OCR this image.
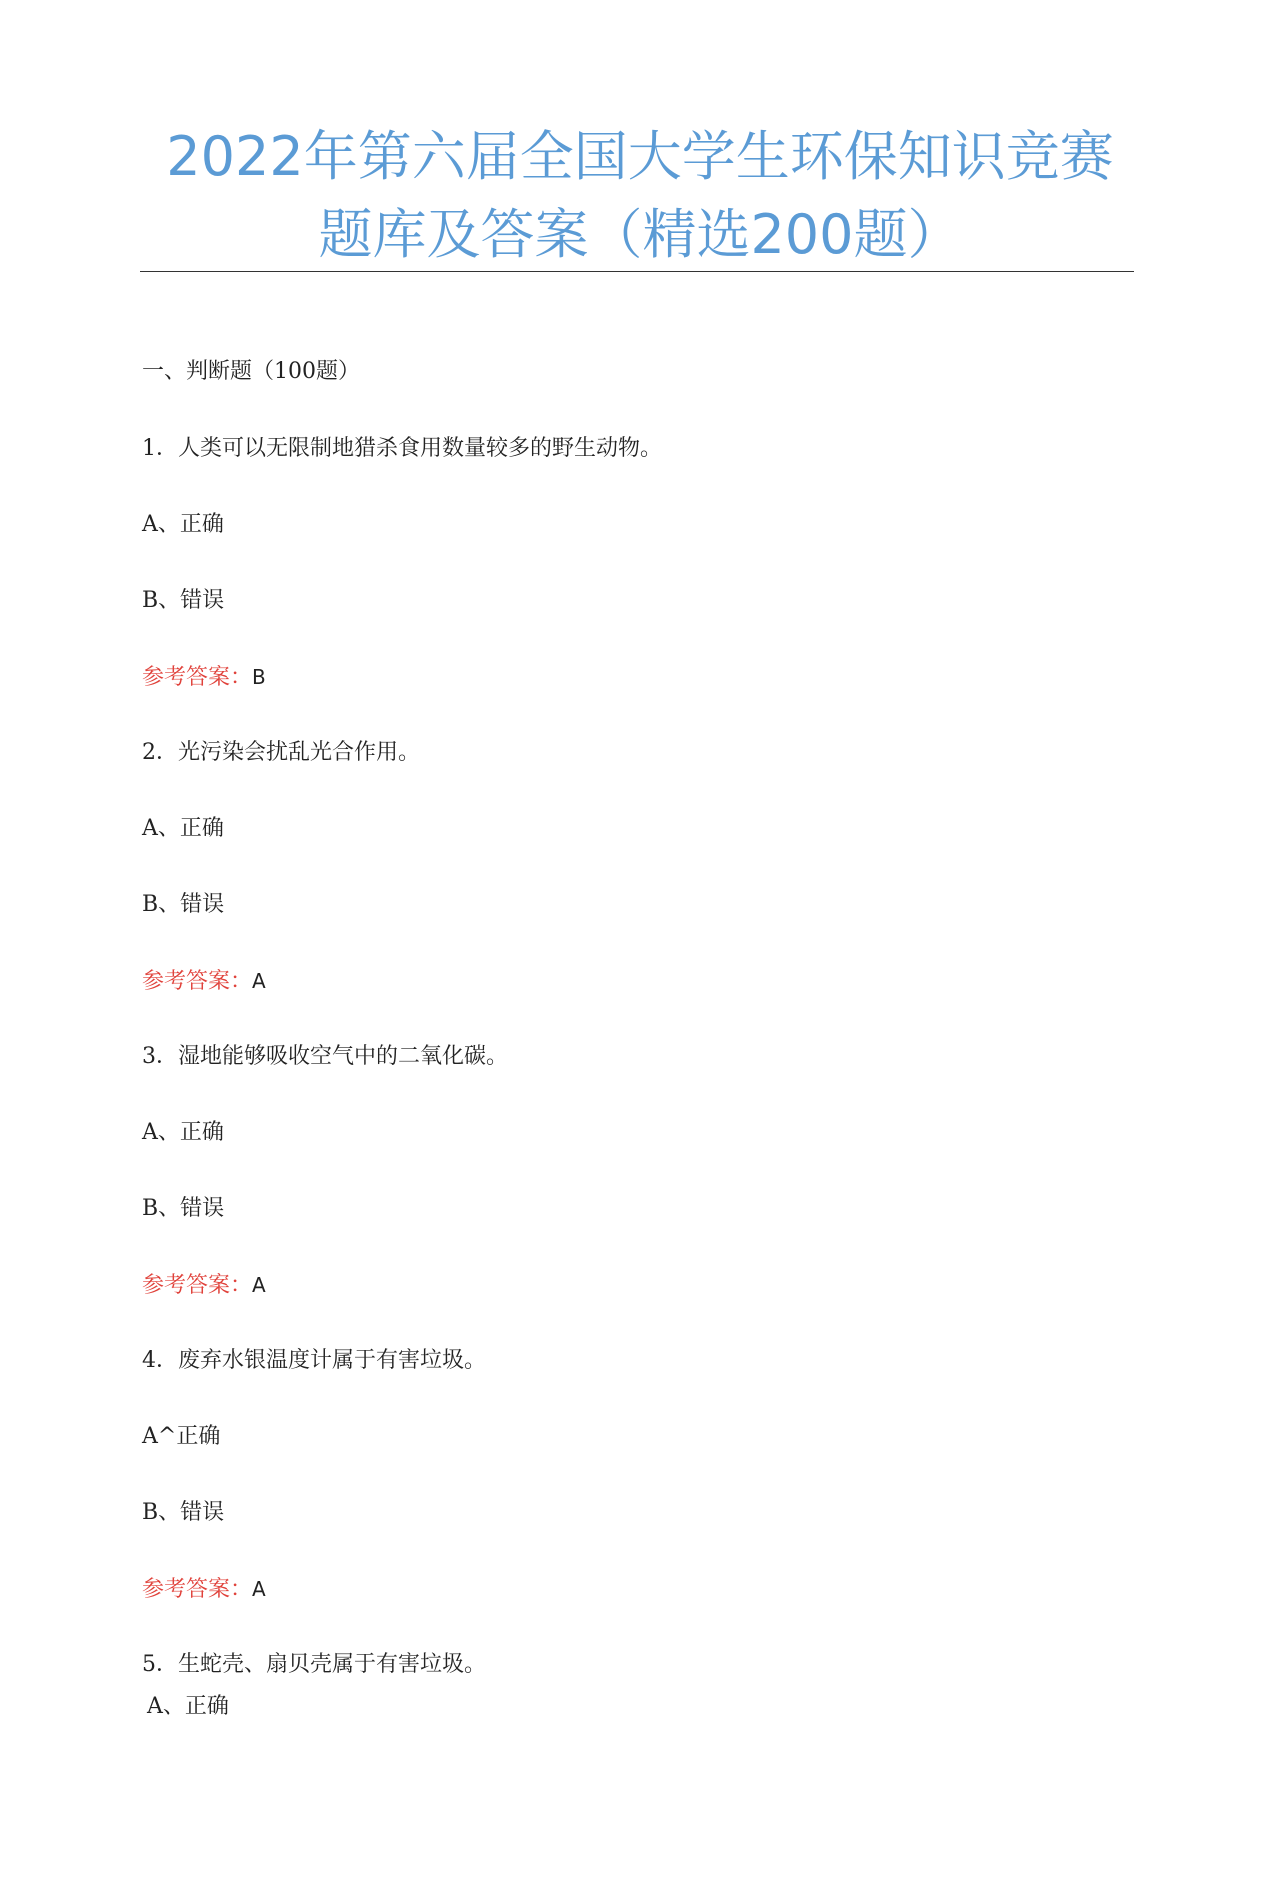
2022年第六届全国大学生环保知识竞赛
题库及答案（精选200题）
一、判断题（100题）
1．人类可以无限制地猎杀食用数量较多的野生动物。
A、正确
B、错误
参考答案：B
2．光污染会扰乱光合作用。
A、正确
B、错误
参考答案：A
3．湿地能够吸收空气中的二氧化碳。
A、正确
B、错误
参考答案：A
4．废弃水银温度计属于有害垃圾。
A^正确
B、错误
参考答案：A
5．生蛇壳、扇贝壳属于有害垃圾。
A、正确
